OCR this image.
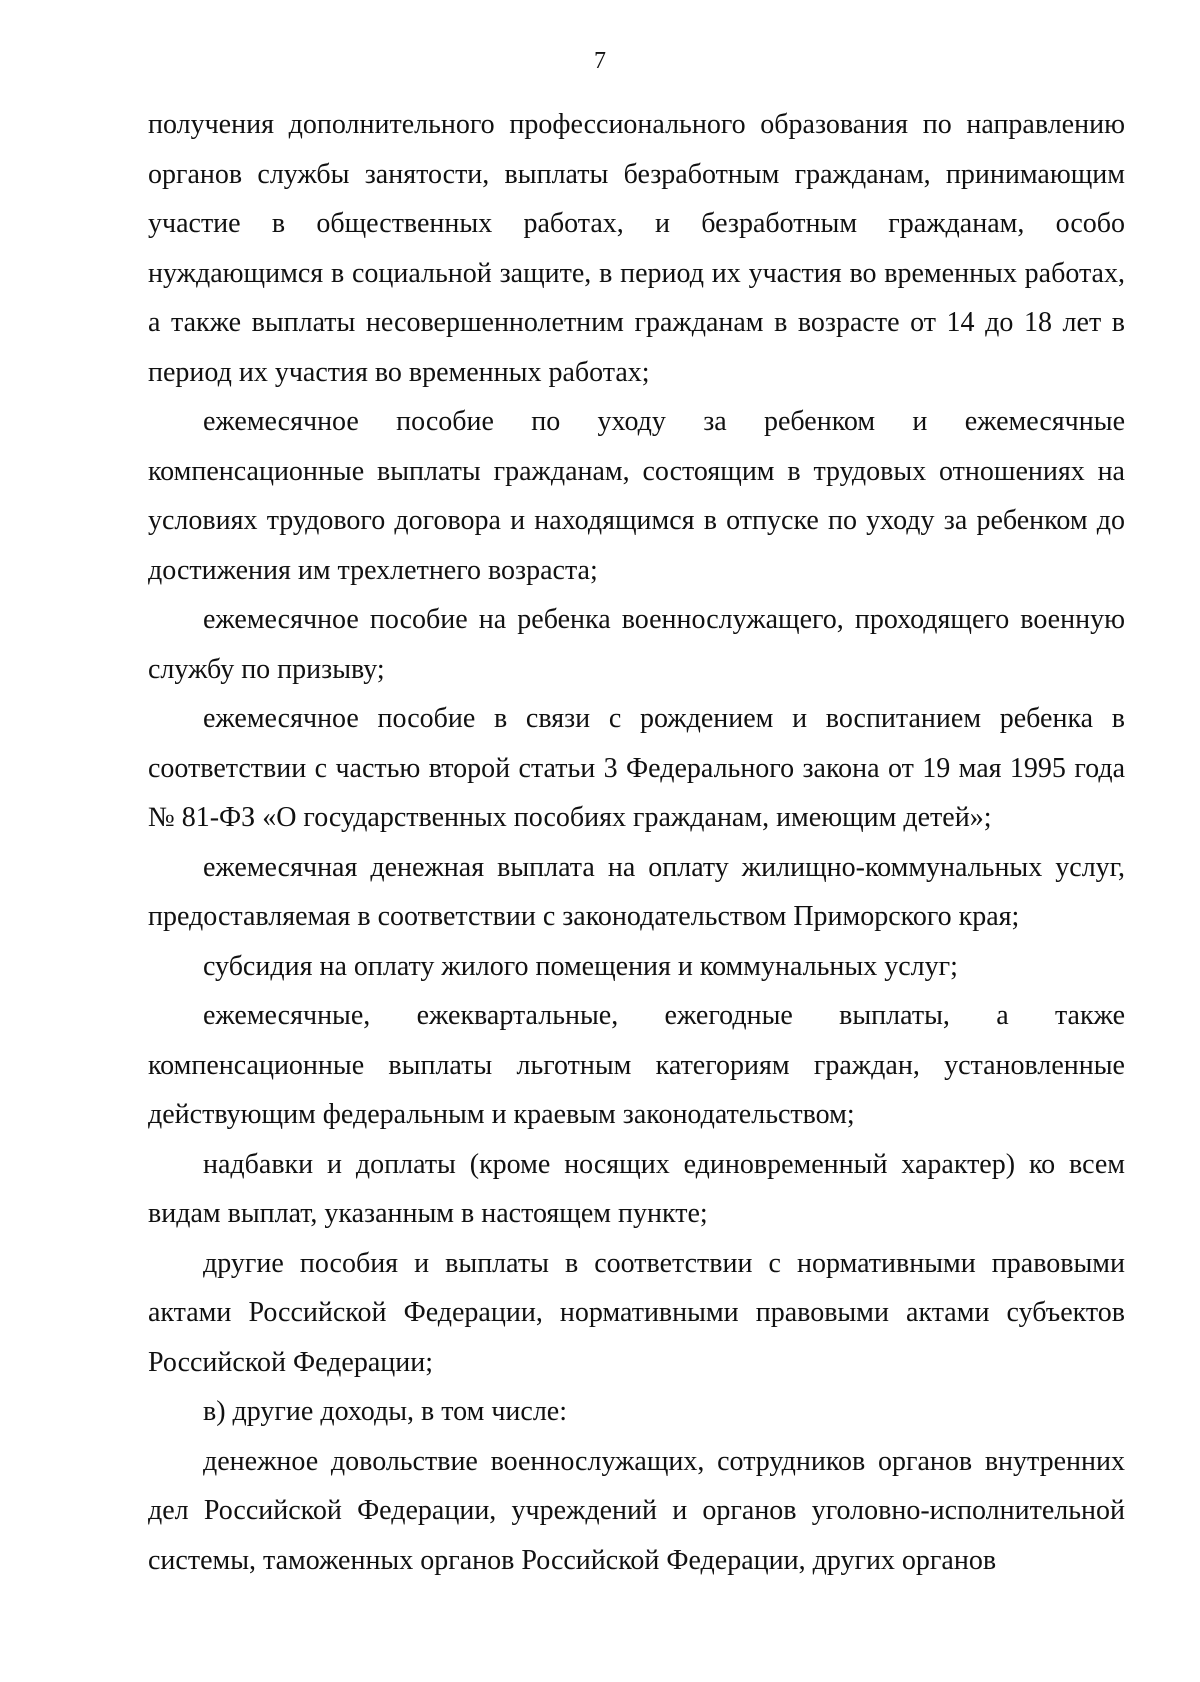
7

получения дополнительного профессионального образования по направлению органов службы занятости, выплаты безработным гражданам, принимающим участие в общественных работах, и безработным гражданам, особо нуждающимся в социальной защите, в период их участия во временных работах, а также выплаты несовершеннолетним гражданам в возрасте от 14 до 18 лет в период их участия во временных работах;

ежемесячное пособие по уходу за ребенком и ежемесячные компенсационные выплаты гражданам, состоящим в трудовых отношениях на условиях трудового договора и находящимся в отпуске по уходу за ребенком до достижения им трехлетнего возраста;

ежемесячное пособие на ребенка военнослужащего, проходящего военную службу по призыву;

ежемесячное пособие в связи с рождением и воспитанием ребенка в соответствии с частью второй статьи 3 Федерального закона от 19 мая 1995 года № 81-ФЗ «О государственных пособиях гражданам, имеющим детей»;

ежемесячная денежная выплата на оплату жилищно-коммунальных услуг, предоставляемая в соответствии с законодательством Приморского края;

субсидия на оплату жилого помещения и коммунальных услуг;

ежемесячные, ежеквартальные, ежегодные выплаты, а также компенсационные выплаты льготным категориям граждан, установленные действующим федеральным и краевым законодательством;

надбавки и доплаты (кроме носящих единовременный характер) ко всем видам выплат, указанным в настоящем пункте;

другие пособия и выплаты в соответствии с нормативными правовыми актами Российской Федерации, нормативными правовыми актами субъектов Российской Федерации;

в) другие доходы, в том числе:

денежное довольствие военнослужащих, сотрудников органов внутренних дел Российской Федерации, учреждений и органов уголовно-исполнительной системы, таможенных органов Российской Федерации, других органов
